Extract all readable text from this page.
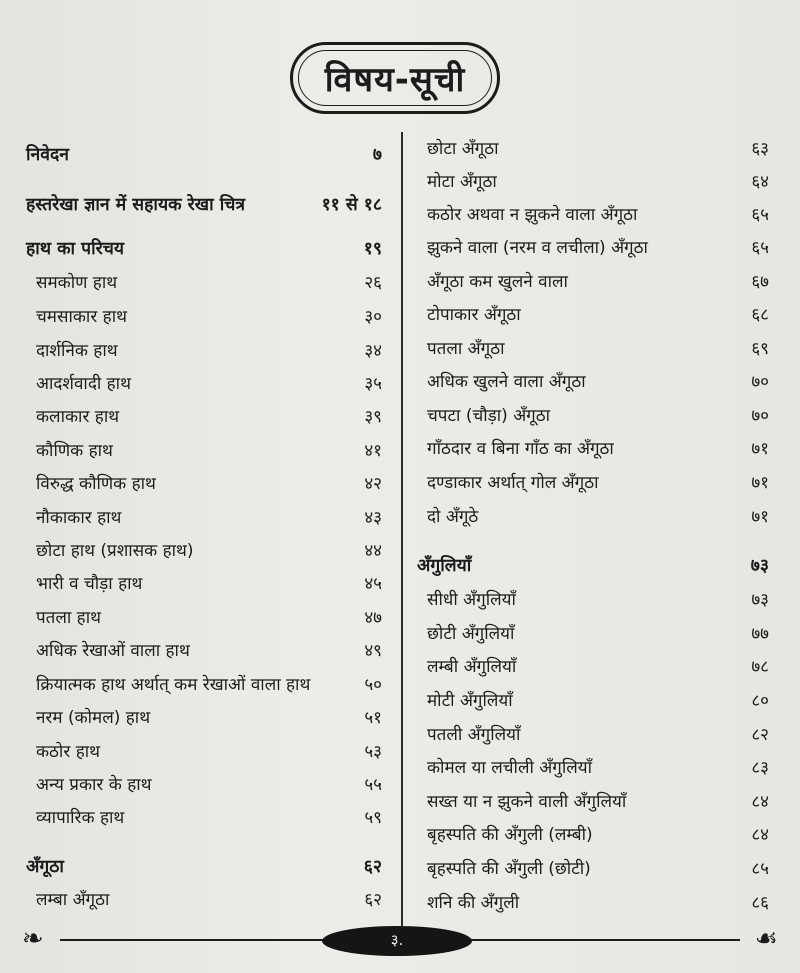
विषय-सूची
निवेदन	७
हस्तरेखा ज्ञान में सहायक रेखा चित्र	११ से १८
हाथ का परिचय	१९
समकोण हाथ	२६
चमसाकार हाथ	३०
दार्शनिक हाथ	३४
आदर्शवादी हाथ	३५
कलाकार हाथ	३९
कौणिक हाथ	४१
विरुद्ध कौणिक हाथ	४२
नौकाकार हाथ	४३
छोटा हाथ (प्रशासक हाथ)	४४
भारी व चौड़ा हाथ	४५
पतला हाथ	४७
अधिक रेखाओं वाला हाथ	४९
क्रियात्मक हाथ अर्थात् कम रेखाओं वाला हाथ	५०
नरम (कोमल) हाथ	५१
कठोर हाथ	५३
अन्य प्रकार के हाथ	५५
व्यापारिक हाथ	५९
अँगूठा	६२
लम्बा अँगूठा	६२
छोटा अँगूठा	६३
मोटा अँगूठा	६४
कठोर अथवा न झुकने वाला अँगूठा	६५
झुकने वाला (नरम व लचीला) अँगूठा	६५
अँगूठा कम खुलने वाला	६७
टोपाकार अँगूठा	६८
पतला अँगूठा	६९
अधिक खुलने वाला अँगूठा	७०
चपटा (चौड़ा) अँगूठा	७०
गाँठदार व बिना गाँठ का अँगूठा	७१
दण्डाकार अर्थात् गोल अँगूठा	७१
दो अँगूठे	७१
अँगुलियाँ	७३
सीधी अँगुलियाँ	७३
छोटी अँगुलियाँ	७७
लम्बी अँगुलियाँ	७८
मोटी अँगुलियाँ	८०
पतली अँगुलियाँ	८२
कोमल या लचीली अँगुलियाँ	८३
सख्त या न झुकने वाली अँगुलियाँ	८४
बृहस्पति की अँगुली (लम्बी)	८४
बृहस्पति की अँगुली (छोटी)	८५
शनि की अँगुली	८६
❧	☙
३.
